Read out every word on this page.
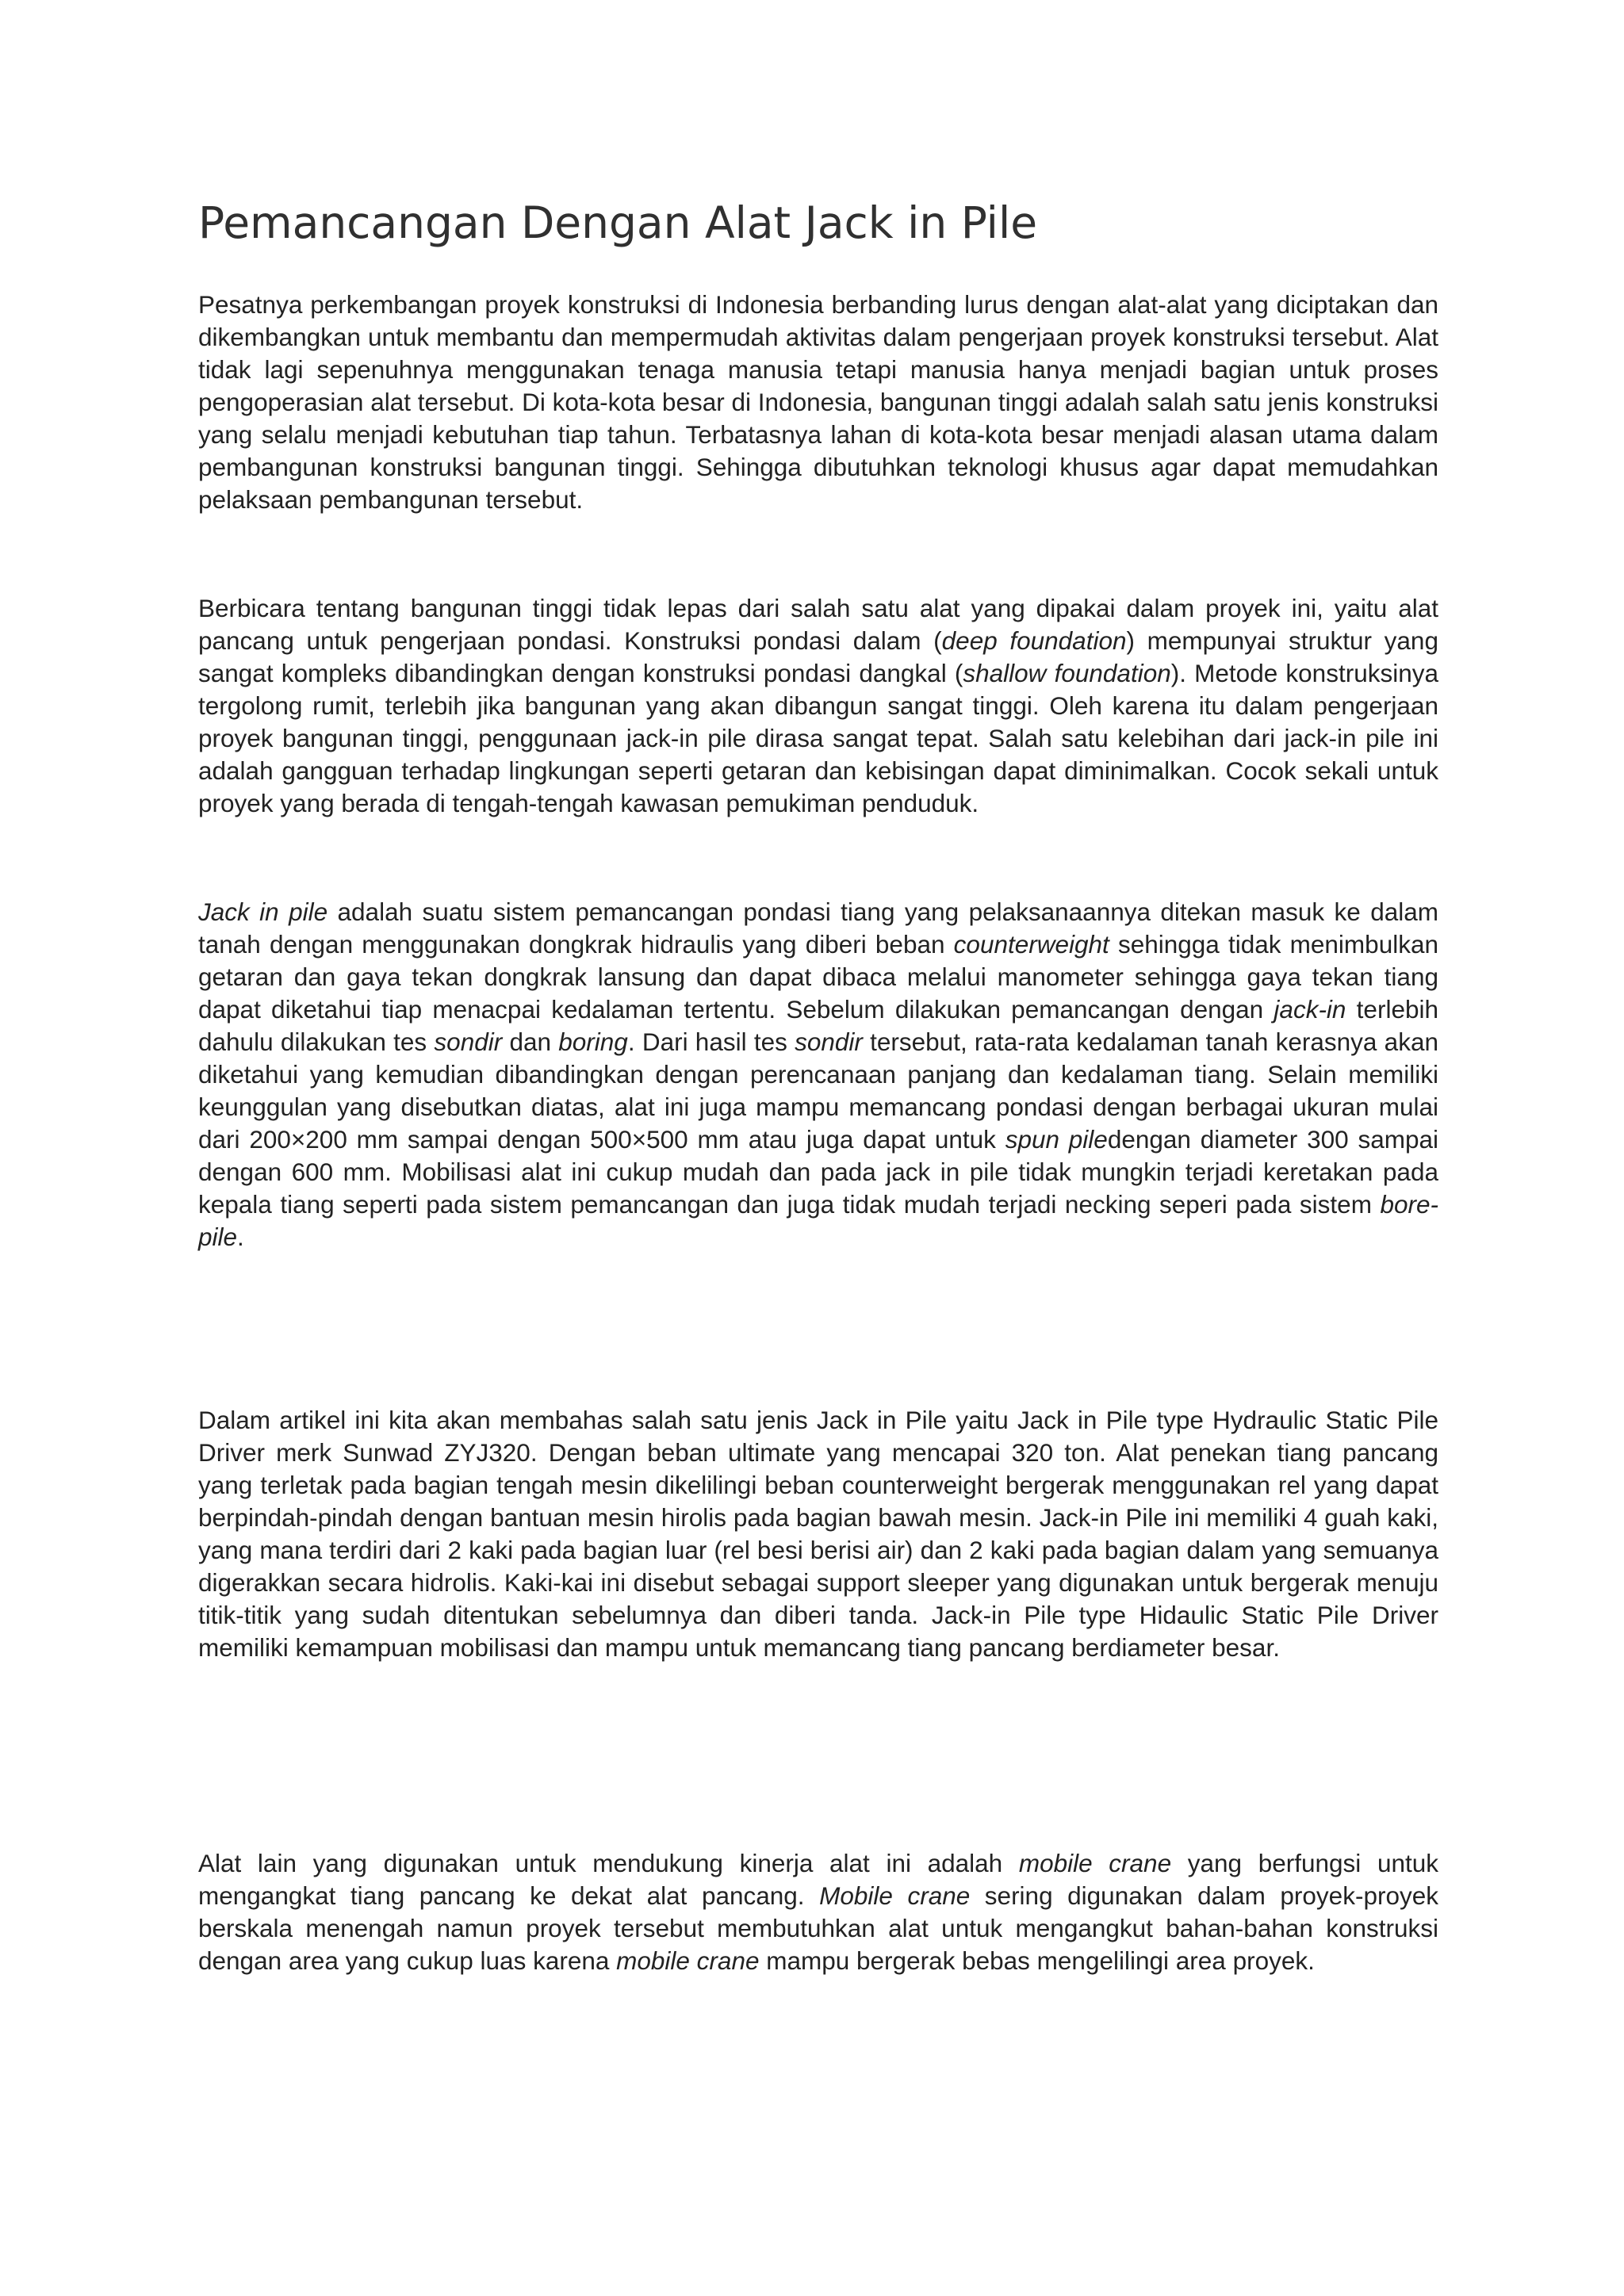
Pemancangan Dengan Alat Jack in Pile

Pesatnya perkembangan proyek konstruksi di Indonesia berbanding lurus dengan alat-alat yang diciptakan dan dikembangkan untuk membantu dan mempermudah aktivitas dalam pengerjaan proyek konstruksi tersebut. Alat tidak lagi sepenuhnya menggunakan tenaga manusia tetapi manusia hanya menjadi bagian untuk proses pengoperasian alat tersebut. Di kota-kota besar di Indonesia, bangunan tinggi adalah salah satu jenis konstruksi yang selalu menjadi kebutuhan tiap tahun. Terbatasnya lahan di kota-kota besar menjadi alasan utama dalam pembangunan konstruksi bangunan tinggi. Sehingga dibutuhkan teknologi khusus agar dapat memudahkan pelaksaan pembangunan tersebut.

Berbicara tentang bangunan tinggi tidak lepas dari salah satu alat yang dipakai dalam proyek ini, yaitu alat pancang untuk pengerjaan pondasi. Konstruksi pondasi dalam (deep foundation) mempunyai struktur yang sangat kompleks dibandingkan dengan konstruksi pondasi dangkal (shallow foundation). Metode konstruksinya tergolong rumit, terlebih jika bangunan yang akan dibangun sangat tinggi. Oleh karena itu dalam pengerjaan proyek bangunan tinggi, penggunaan jack-in pile dirasa sangat tepat. Salah satu kelebihan dari jack-in pile ini adalah gangguan terhadap lingkungan seperti getaran dan kebisingan dapat diminimalkan. Cocok sekali untuk proyek yang berada di tengah-tengah kawasan pemukiman penduduk.

Jack in pile adalah suatu sistem pemancangan pondasi tiang yang pelaksanaannya ditekan masuk ke dalam tanah dengan menggunakan dongkrak hidraulis yang diberi beban counterweight sehingga tidak menimbulkan getaran dan gaya tekan dongkrak lansung dan dapat dibaca melalui manometer sehingga gaya tekan tiang dapat diketahui tiap menacpai kedalaman tertentu. Sebelum dilakukan pemancangan dengan jack-in terlebih dahulu dilakukan tes sondir dan boring. Dari hasil tes sondir tersebut, rata-rata kedalaman tanah kerasnya akan diketahui yang kemudian dibandingkan dengan perencanaan panjang dan kedalaman tiang. Selain memiliki keunggulan yang disebutkan diatas, alat ini juga mampu memancang pondasi dengan berbagai ukuran mulai dari 200×200 mm sampai dengan 500×500 mm atau juga dapat untuk spun piledengan diameter 300 sampai dengan 600 mm. Mobilisasi alat ini cukup mudah dan pada jack in pile tidak mungkin terjadi keretakan pada kepala tiang seperti pada sistem pemancangan dan juga tidak mudah terjadi necking seperi pada sistem bore-pile.

Dalam artikel ini kita akan membahas salah satu jenis Jack in Pile yaitu Jack in Pile type Hydraulic Static Pile Driver merk Sunwad ZYJ320. Dengan beban ultimate yang mencapai 320 ton. Alat penekan tiang pancang yang terletak pada bagian tengah mesin dikelilingi beban counterweight bergerak menggunakan rel yang dapat berpindah-pindah dengan bantuan mesin hirolis pada bagian bawah mesin. Jack-in Pile ini memiliki 4 guah kaki, yang mana terdiri dari 2 kaki pada bagian luar (rel besi berisi air) dan 2 kaki pada bagian dalam yang semuanya digerakkan secara hidrolis. Kaki-kai ini disebut sebagai support sleeper yang digunakan untuk bergerak menuju titik-titik yang sudah ditentukan sebelumnya dan diberi tanda. Jack-in Pile type Hidaulic Static Pile Driver memiliki kemampuan mobilisasi dan mampu untuk memancang tiang pancang berdiameter besar.

Alat lain yang digunakan untuk mendukung kinerja alat ini adalah mobile crane yang berfungsi untuk mengangkat tiang pancang ke dekat alat pancang. Mobile crane sering digunakan dalam proyek-proyek berskala menengah namun proyek tersebut membutuhkan alat untuk mengangkut bahan-bahan konstruksi dengan area yang cukup luas karena mobile crane mampu bergerak bebas mengelilingi area proyek.
